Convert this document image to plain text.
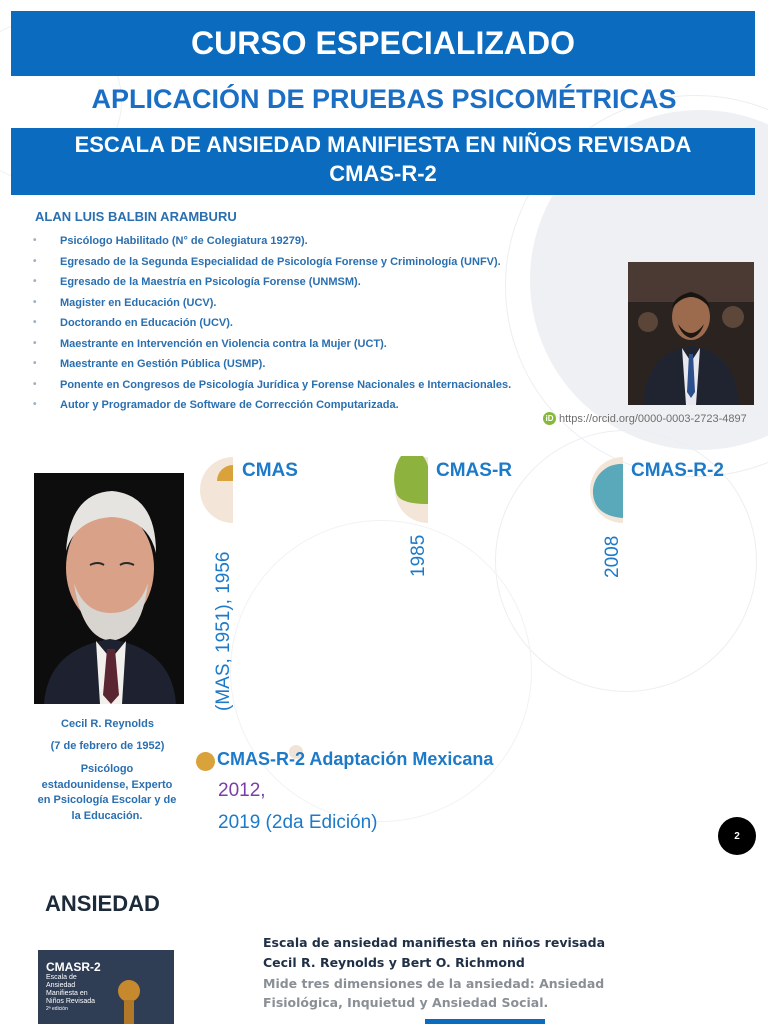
CURSO ESPECIALIZADO
APLICACIÓN DE PRUEBAS PSICOMÉTRICAS
ESCALA DE ANSIEDAD MANIFIESTA EN NIÑOS REVISADA
CMAS-R-2
ALAN LUIS BALBIN ARAMBURU
• Psicólogo Habilitado (N° de Colegiatura 19279).
• Egresado de la Segunda Especialidad de Psicología Forense y Criminología (UNFV).
• Egresado de la Maestría en Psicología Forense (UNMSM).
• Magister en Educación (UCV).
• Doctorando en Educación (UCV).
• Maestrante en Intervención en Violencia contra la Mujer (UCT).
• Maestrante en Gestión Pública (USMP).
• Ponente en Congresos de Psicología Jurídica y Forense Nacionales e Internacionales.
• Autor y Programador de Software de Corrección Computarizada.
iD https://orcid.org/0000-0003-2723-4897
Cecil R. Reynolds
(7 de febrero de 1952)
Psicólogo estadounidense, Experto en Psicología Escolar y de la Educación.
CMAS	CMAS-R	CMAS-R-2
(MAS, 1951), 1956	1985	2008
CMAS-R-2 Adaptación Mexicana
2012,
2019 (2da Edición)
2
ANSIEDAD
CMASR-2
Escala de Ansiedad Manifiesta en Niños Revisada
2ª edición
Escala de ansiedad manifiesta en niños revisada
Cecil R. Reynolds y Bert O. Richmond
Mide tres dimensiones de la ansiedad: Ansiedad Fisiológica, Inquietud y Ansiedad Social.
